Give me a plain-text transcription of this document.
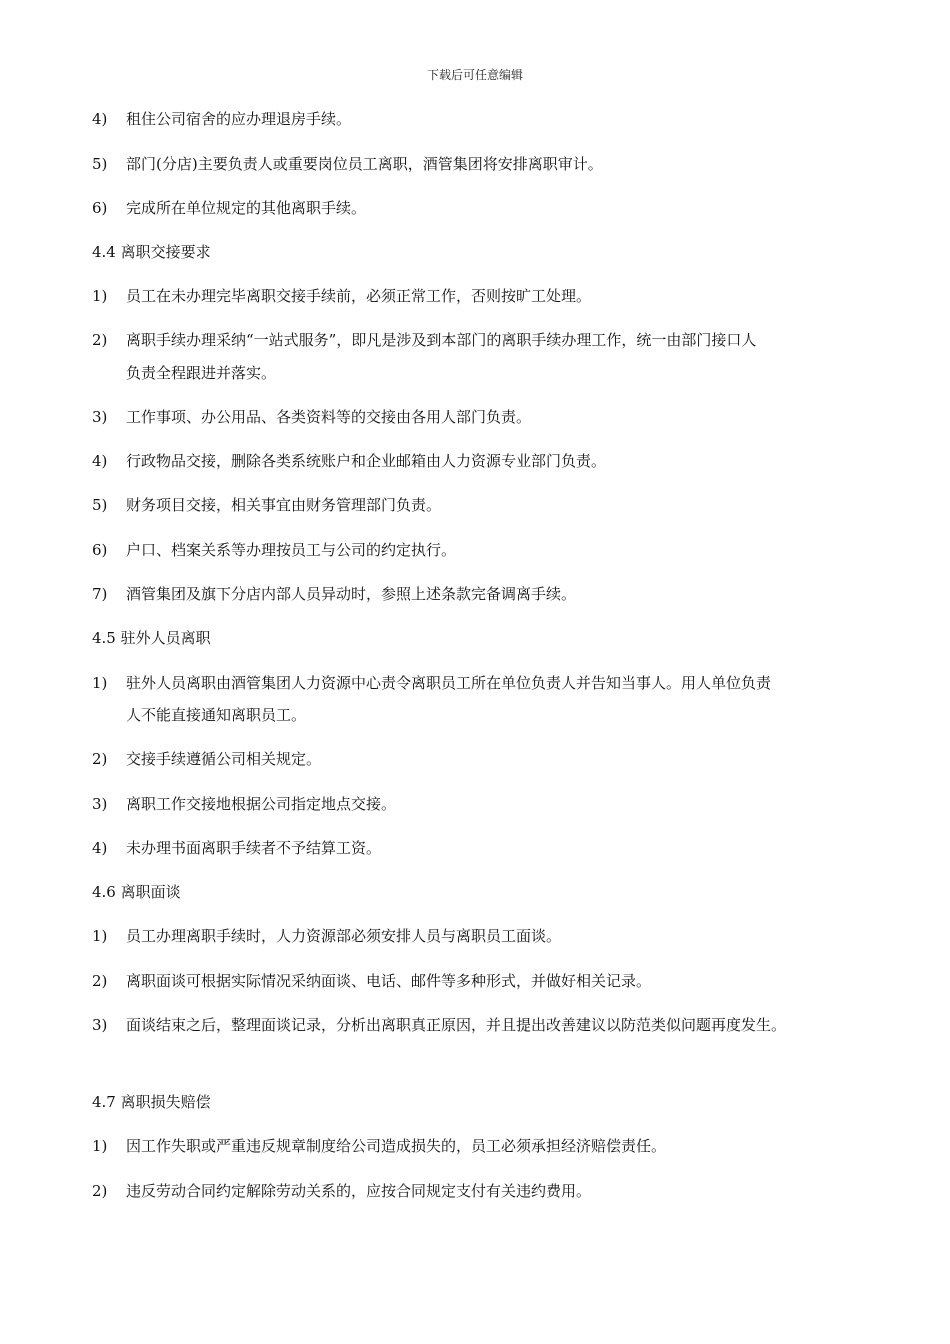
下载后可任意编辑
4) 租住公司宿舍的应办理退房手续。
5) 部门(分店)主要负责人或重要岗位员工离职，酒管集团将安排离职审计。
6) 完成所在单位规定的其他离职手续。
4.4 离职交接要求
1) 员工在未办理完毕离职交接手续前，必须正常工作，否则按旷工处理。
2) 离职手续办理采纳“一站式服务”，即凡是涉及到本部门的离职手续办理工作，统一由部门接口人
负责全程跟进并落实。
3) 工作事项、办公用品、各类资料等的交接由各用人部门负责。
4) 行政物品交接，删除各类系统账户和企业邮箱由人力资源专业部门负责。
5) 财务项目交接，相关事宜由财务管理部门负责。
6) 户口、档案关系等办理按员工与公司的约定执行。
7) 酒管集团及旗下分店内部人员异动时，参照上述条款完备调离手续。
4.5 驻外人员离职
1) 驻外人员离职由酒管集团人力资源中心责令离职员工所在单位负责人并告知当事人。用人单位负责
人不能直接通知离职员工。
2) 交接手续遵循公司相关规定。
3) 离职工作交接地根据公司指定地点交接。
4) 未办理书面离职手续者不予结算工资。
4.6 离职面谈
1) 员工办理离职手续时，人力资源部必须安排人员与离职员工面谈。
2) 离职面谈可根据实际情况采纳面谈、电话、邮件等多种形式，并做好相关记录。
3) 面谈结束之后，整理面谈记录，分析出离职真正原因，并且提出改善建议以防范类似问题再度发生。
4.7 离职损失赔偿
1) 因工作失职或严重违反规章制度给公司造成损失的，员工必须承担经济赔偿责任。
2) 违反劳动合同约定解除劳动关系的，应按合同规定支付有关违约费用。
